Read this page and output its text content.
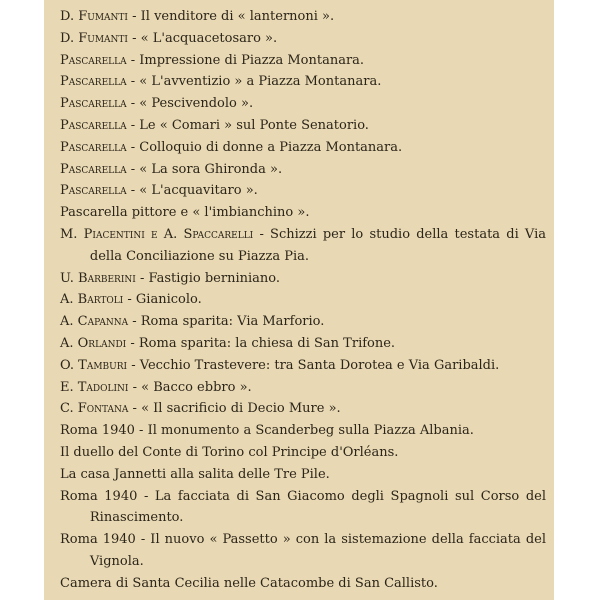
D. Fumanti - Il venditore di « lanternoni ».
D. Fumanti - « L'acquacetosaro ».
Pascarella - Impressione di Piazza Montanara.
Pascarella - « L'avventizio » a Piazza Montanara.
Pascarella - « Pescivendolo ».
Pascarella - Le « Comari » sul Ponte Senatorio.
Pascarella - Colloquio di donne a Piazza Montanara.
Pascarella - « La sora Ghironda ».
Pascarella - « L'acquavitaro ».
Pascarella pittore e « l'imbianchino ».
M. Piacentini e A. Spaccarelli - Schizzi per lo studio della testata di Via della Conciliazione su Piazza Pia.
U. Barberini - Fastigio berniniano.
A. Bartoli - Gianicolo.
A. Capanna - Roma sparita: Via Marforio.
A. Orlandi - Roma sparita: la chiesa di San Trifone.
O. Tamburi - Vecchio Trastevere: tra Santa Dorotea e Via Garibaldi.
E. Tadolini - « Bacco ebbro ».
C. Fontana - « Il sacrificio di Decio Mure ».
Roma 1940 - Il monumento a Scanderbeg sulla Piazza Albania.
Il duello del Conte di Torino col Principe d'Orléans.
La casa Jannetti alla salita delle Tre Pile.
Roma 1940 - La facciata di San Giacomo degli Spagnoli sul Corso del Rinascimento.
Roma 1940 - Il nuovo « Passetto » con la sistemazione della facciata del Vignola.
Camera di Santa Cecilia nelle Catacombe di San Callisto.
